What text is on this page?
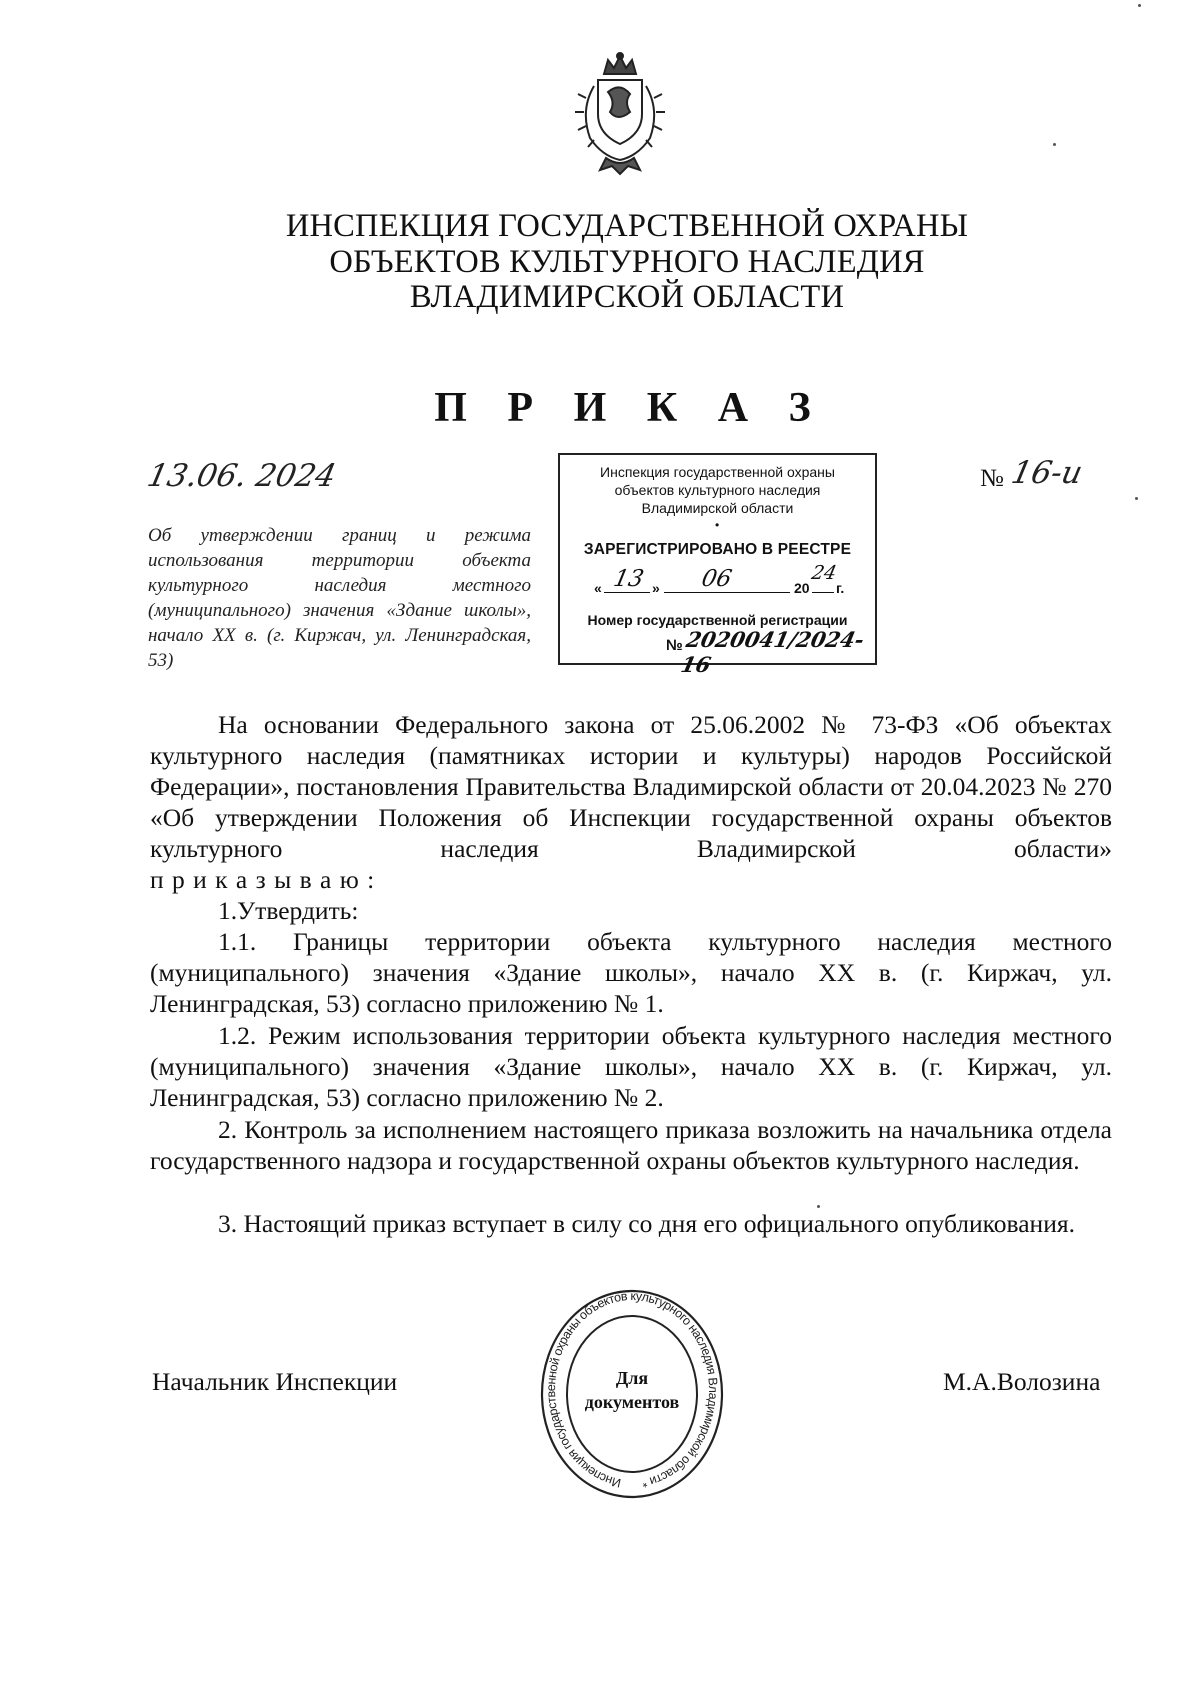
ИНСПЕКЦИЯ ГОСУДАРСТВЕННОЙ ОХРАНЫ
ОБЪЕКТОВ КУЛЬТУРНОГО НАСЛЕДИЯ
ВЛАДИМИРСКОЙ ОБЛАСТИ
П Р И К А З
13.06. 2024	№ 16-и
Об утверждении границ и режима использования территории объекта культурного наследия местного (муниципального) значения «Здание школы», начало XX в. (г. Киржач, ул. Ленинградская, 53)
Инспекция государственной охраны
объектов культурного наследия
Владимирской области
•
ЗАРЕГИСТРИРОВАНО В РЕЕСТРЕ
« 13 » 06	20
24
г.
Номер государственной регистрации
№ 2020041/2024-16
На основании Федерального закона от 25.06.2002 № 73-ФЗ «Об объектах культурного наследия (памятниках истории и культуры) народов Российской Федерации», постановления Правительства Владимирской области от 20.04.2023 № 270 «Об утверждении Положения об Инспекции государственной охраны объектов культурного наследия Владимирской области»
п р и к а з ы в а ю :
1.Утвердить:
1.1. Границы территории объекта культурного наследия местного (муниципального) значения «Здание школы», начало XX в. (г. Киржач, ул. Ленинградская, 53) согласно приложению № 1.
1.2. Режим использования территории объекта культурного наследия местного (муниципального) значения «Здание школы», начало XX в. (г. Киржач, ул. Ленинградская, 53) согласно приложению № 2.
2. Контроль за исполнением настоящего приказа возложить на начальника отдела государственного надзора и государственной охраны объектов культурного наследия.
3. Настоящий приказ вступает в силу со дня его официального опубликования.
Начальник Инспекции	М.А.Волозина
Инспекция государственной охраны объектов культурного наследия Владимирской области *
Для
документов
